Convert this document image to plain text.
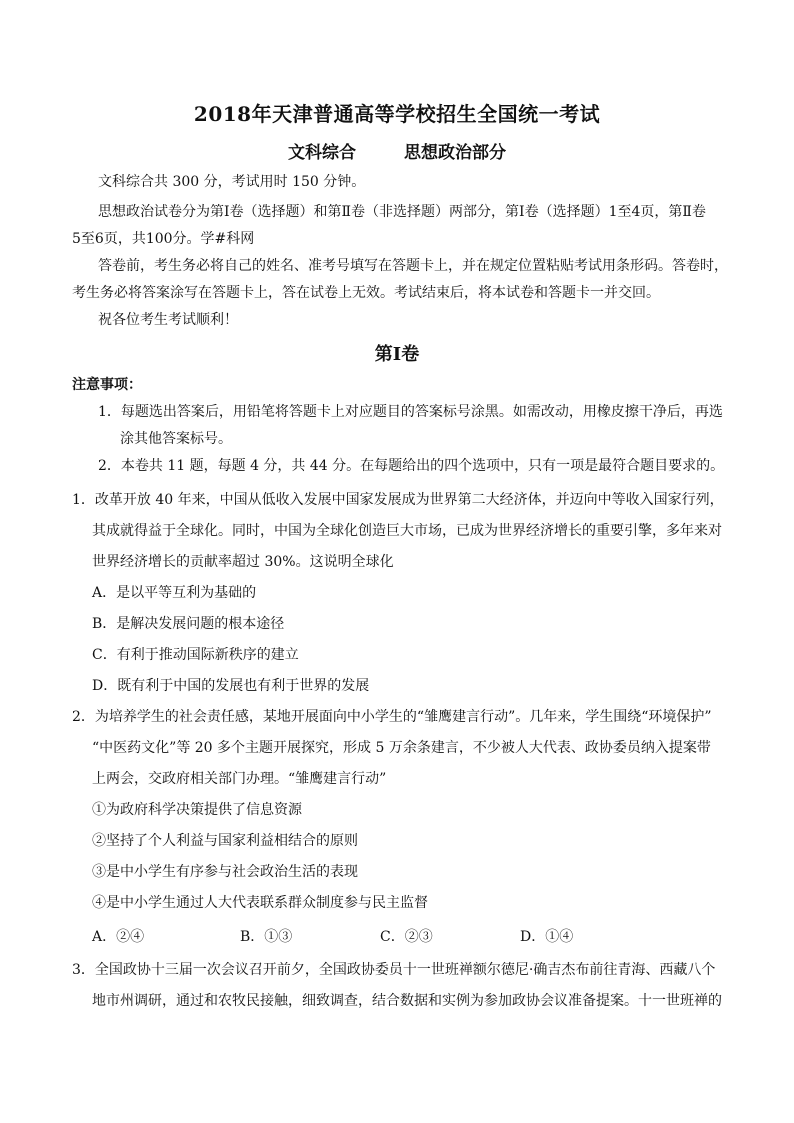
2018年天津普通高等学校招生全国统一考试
文科综合	思想政治部分
文科综合共 300 分，考试用时 150 分钟。
思想政治试卷分为第Ⅰ卷（选择题）和第Ⅱ卷（非选择题）两部分，第Ⅰ卷（选择题）1至4页，第Ⅱ卷
5至6页，共100分。学#科网
答卷前，考生务必将自己的姓名、准考号填写在答题卡上，并在规定位置粘贴考试用条形码。答卷时，
考生务必将答案涂写在答题卡上，答在试卷上无效。考试结束后，将本试卷和答题卡一并交回。
祝各位考生考试顺利！
第Ⅰ卷
注意事项：
1．每题选出答案后，用铅笔将答题卡上对应题目的答案标号涂黑。如需改动，用橡皮擦干净后，再选
涂其他答案标号。
2．本卷共 11 题，每题 4 分，共 44 分。在每题给出的四个选项中，只有一项是最符合题目要求的。
1．改革开放 40 年来，中国从低收入发展中国家发展成为世界第二大经济体，并迈向中等收入国家行列，
其成就得益于全球化。同时，中国为全球化创造巨大市场，已成为世界经济增长的重要引擎，多年来对
世界经济增长的贡献率超过 30%。这说明全球化
A．是以平等互利为基础的
B．是解决发展问题的根本途径
C．有利于推动国际新秩序的建立
D．既有利于中国的发展也有利于世界的发展
2．为培养学生的社会责任感，某地开展面向中小学生的“雏鹰建言行动”。几年来，学生围绕“环境保护”
“中医药文化”等 20 多个主题开展探究，形成 5 万余条建言，不少被人大代表、政协委员纳入提案带
上两会，交政府相关部门办理。“雏鹰建言行动”
①为政府科学决策提供了信息资源
②坚持了个人利益与国家利益相结合的原则
③是中小学生有序参与社会政治生活的表现
④是中小学生通过人大代表联系群众制度参与民主监督
A．②④	B．①③	C．②③	D．①④
3．全国政协十三届一次会议召开前夕，全国政协委员十一世班禅额尔德尼·确吉杰布前往青海、西藏八个
地市州调研，通过和农牧民接触，细致调查，结合数据和实例为参加政协会议准备提案。十一世班禅的
